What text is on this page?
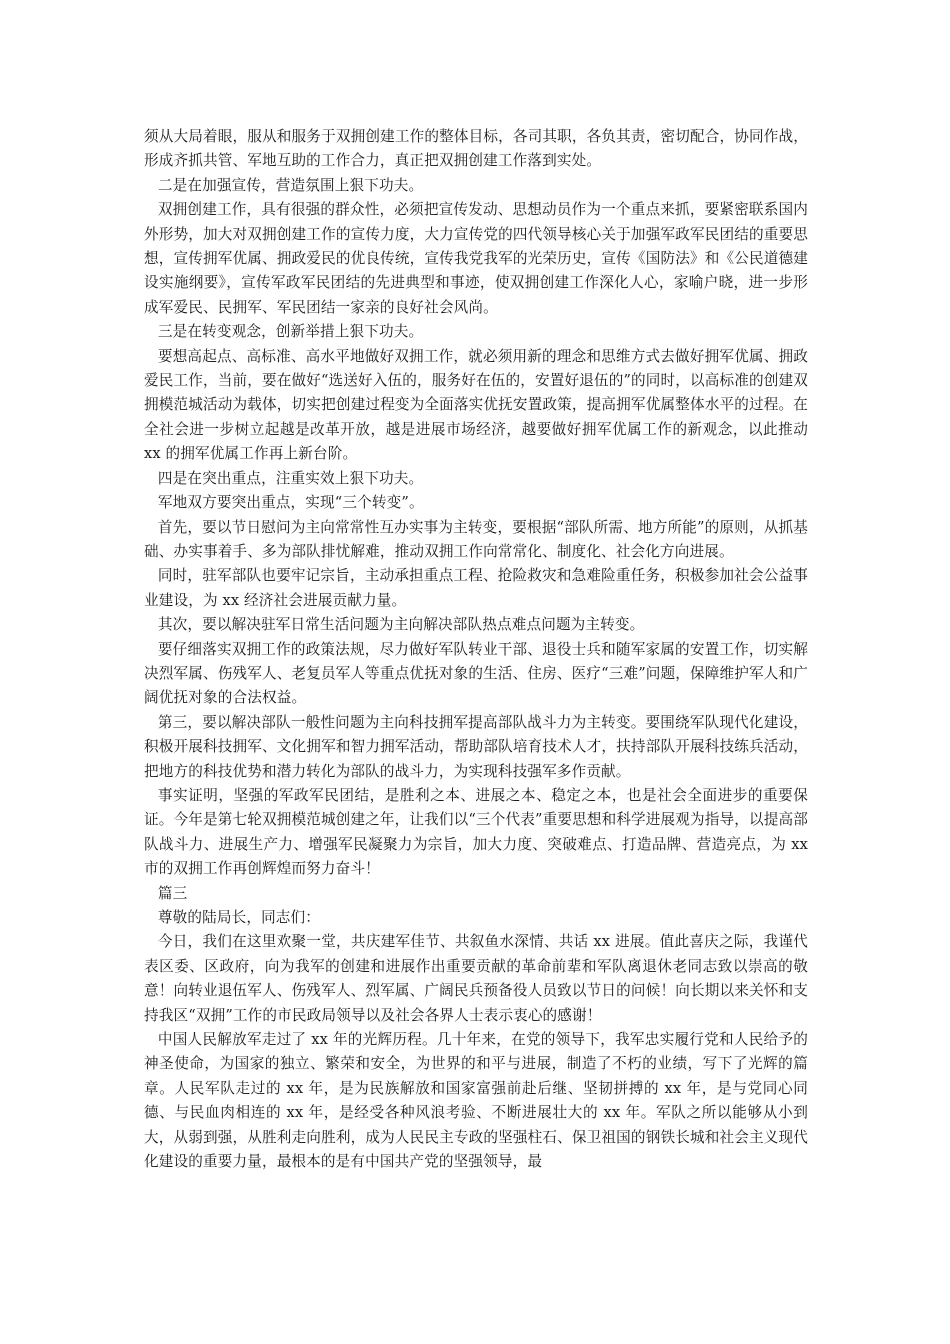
须从大局着眼，服从和服务于双拥创建工作的整体目标，各司其职，各负其责，密切配合，协同作战，形成齐抓共管、军地互助的工作合力，真正把双拥创建工作落到实处。

二是在加强宣传，营造氛围上狠下功夫。

双拥创建工作，具有很强的群众性，必须把宣传发动、思想动员作为一个重点来抓，要紧密联系国内外形势，加大对双拥创建工作的宣传力度，大力宣传党的四代领导核心关于加强军政军民团结的重要思想，宣传拥军优属、拥政爱民的优良传统，宣传我党我军的光荣历史，宣传《国防法》和《公民道德建设实施纲要》，宣传军政军民团结的先进典型和事迹，使双拥创建工作深化人心，家喻户晓，进一步形成军爱民、民拥军、军民团结一家亲的良好社会风尚。

三是在转变观念，创新举措上狠下功夫。

要想高起点、高标准、高水平地做好双拥工作，就必须用新的理念和思维方式去做好拥军优属、拥政爱民工作，当前，要在做好“选送好入伍的，服务好在伍的，安置好退伍的”的同时，以高标准的创建双拥模范城活动为载体，切实把创建过程变为全面落实优抚安置政策，提高拥军优属整体水平的过程。在全社会进一步树立起越是改革开放，越是进展市场经济，越要做好拥军优属工作的新观念，以此推动 xx 的拥军优属工作再上新台阶。

四是在突出重点，注重实效上狠下功夫。

军地双方要突出重点，实现“三个转变”。

首先，要以节日慰问为主向常常性互办实事为主转变，要根据“部队所需、地方所能”的原则，从抓基础、办实事着手、多为部队排忧解难，推动双拥工作向常常化、制度化、社会化方向进展。

同时，驻军部队也要牢记宗旨，主动承担重点工程、抢险救灾和急难险重任务，积极参加社会公益事业建设，为 xx 经济社会进展贡献力量。

其次，要以解决驻军日常生活问题为主向解决部队热点难点问题为主转变。

要仔细落实双拥工作的政策法规，尽力做好军队转业干部、退役士兵和随军家属的安置工作，切实解决烈军属、伤残军人、老复员军人等重点优抚对象的生活、住房、医疗“三难”问题，保障维护军人和广阔优抚对象的合法权益。

第三，要以解决部队一般性问题为主向科技拥军提高部队战斗力为主转变。要围绕军队现代化建设，积极开展科技拥军、文化拥军和智力拥军活动，帮助部队培育技术人才，扶持部队开展科技练兵活动，把地方的科技优势和潜力转化为部队的战斗力，为实现科技强军多作贡献。

事实证明，坚强的军政军民团结，是胜利之本、进展之本、稳定之本，也是社会全面进步的重要保证。今年是第七轮双拥模范城创建之年，让我们以“三个代表”重要思想和科学进展观为指导，以提高部队战斗力、进展生产力、增强军民凝聚力为宗旨，加大力度、突破难点、打造品牌、营造亮点，为 xx 市的双拥工作再创辉煌而努力奋斗！

篇三

尊敬的陆局长，同志们：

今日，我们在这里欢聚一堂，共庆建军佳节、共叙鱼水深情、共话 xx 进展。值此喜庆之际，我谨代表区委、区政府，向为我军的创建和进展作出重要贡献的革命前辈和军队离退休老同志致以崇高的敬意！向转业退伍军人、伤残军人、烈军属、广阔民兵预备役人员致以节日的问候！向长期以来关怀和支持我区“双拥”工作的市民政局领导以及社会各界人士表示衷心的感谢！

中国人民解放军走过了 xx 年的光辉历程。几十年来，在党的领导下，我军忠实履行党和人民给予的神圣使命，为国家的独立、繁荣和安全，为世界的和平与进展，制造了不朽的业绩，写下了光辉的篇章。人民军队走过的 xx 年，是为民族解放和国家富强前赴后继、坚韧拼搏的 xx 年，是与党同心同德、与民血肉相连的 xx 年，是经受各种风浪考验、不断进展壮大的 xx 年。军队之所以能够从小到大，从弱到强，从胜利走向胜利，成为人民民主专政的坚强柱石、保卫祖国的钢铁长城和社会主义现代化建设的重要力量，最根本的是有中国共产党的坚强领导，最
